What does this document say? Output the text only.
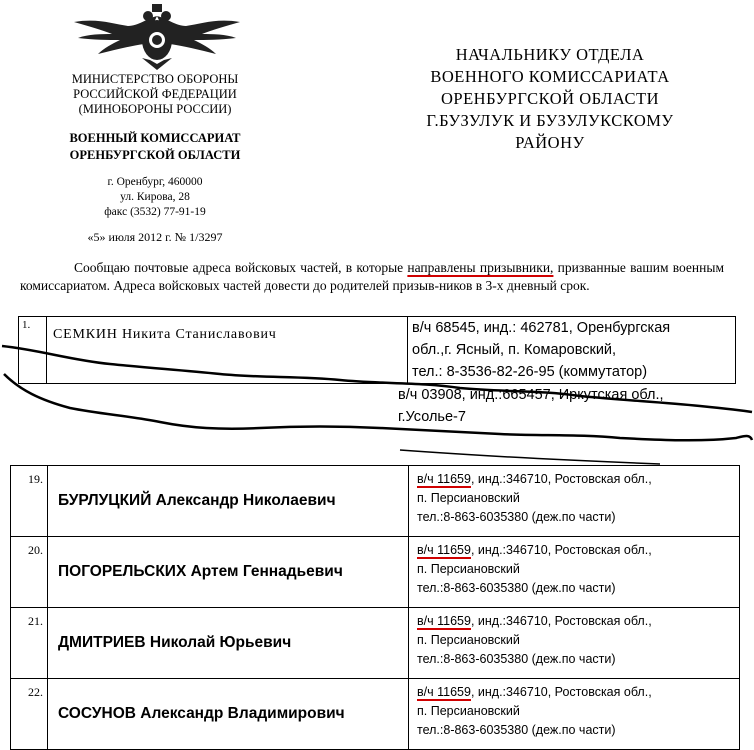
МИНИСТЕРСТВО ОБОРОНЫ
РОССИЙСКОЙ ФЕДЕРАЦИИ
(МИНОБОРОНЫ РОССИИ)
ВОЕННЫЙ КОМИССАРИАТ
ОРЕНБУРГСКОЙ ОБЛАСТИ
г. Оренбург, 460000
ул. Кирова, 28
факс (3532) 77-91-19
«5» июля 2012 г. № 1/3297
НАЧАЛЬНИКУ ОТДЕЛА
ВОЕННОГО КОМИССАРИАТА
ОРЕНБУРГСКОЙ ОБЛАСТИ
Г.БУЗУЛУК И БУЗУЛУКСКОМУ
РАЙОНУ

Сообщаю почтовые адреса войсковых частей, в которые направлены призывники, призванные вашим военным комиссариатом. Адреса войсковых частей довести до родителей призыв-ников в 3-х дневный срок.

1.	СЕМКИН Никита Станиславович	в/ч 68545, инд.: 462781, Оренбургская
обл.,г. Ясный, п. Комаровский,
тел.: 8-3536-82-26-95 (коммутатор)
в/ч 03908, инд.:665457, Иркутская обл.,
г.Усолье-7
19.	БУРЛУЦКИЙ Александр Николаевич	в/ч 11659, инд.:346710, Ростовская обл.,
п. Персиановский
тел.:8-863-6035380 (деж.по части)

20.	ПОГОРЕЛЬСКИХ Артем Геннадьевич	в/ч 11659, инд.:346710, Ростовская обл.,
п. Персиановский
тел.:8-863-6035380 (деж.по части)

21.	ДМИТРИЕВ Николай Юрьевич	в/ч 11659, инд.:346710, Ростовская обл.,
п. Персиановский
тел.:8-863-6035380 (деж.по части)

22.	СОСУНОВ Александр Владимирович	в/ч 11659, инд.:346710, Ростовская обл.,
п. Персиановский
тел.:8-863-6035380 (деж.по части)
